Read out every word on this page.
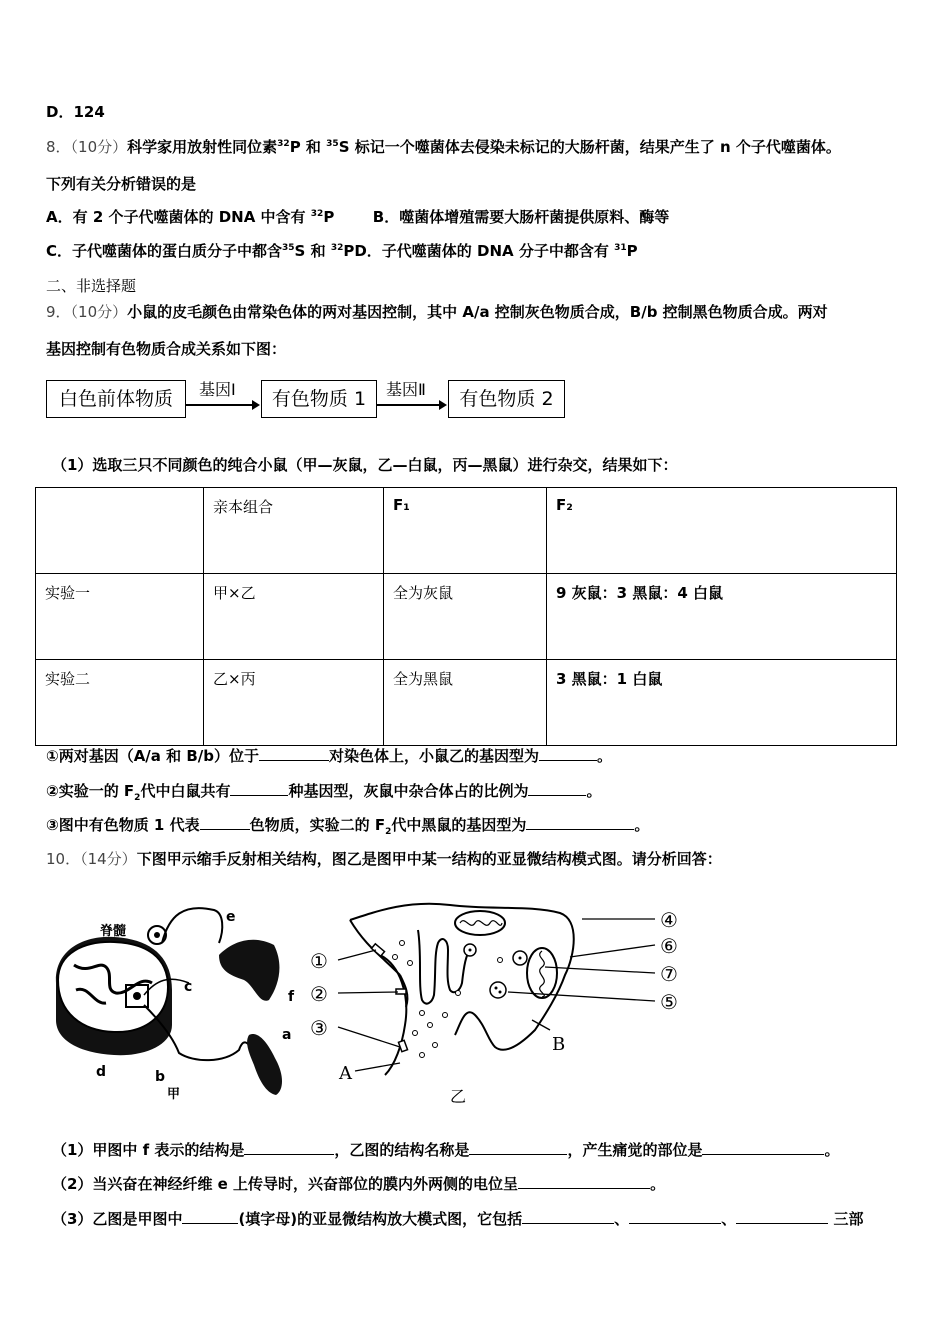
D．124
8．（10分）科学家用放射性同位素$^{32}$P 和 $^{35}$S 标记一个噬菌体去侵染未标记的大肠杆菌，结果产生了 n 个子代噬菌体。
下列有关分析错误的是
A．有 2 个子代噬菌体的 DNA 中含有 $^{32}$P	B．噬菌体增殖需要大肠杆菌提供原料、酶等
C．子代噬菌体的蛋白质分子中都含$^{35}$S 和 $^{32}$PD．子代噬菌体的 DNA 分子中都含有 $^{31}$P
二、非选择题
9．（10分）小鼠的皮毛颜色由常染色体的两对基因控制，其中 A/a 控制灰色物质合成，B/b 控制黑色物质合成。两对
基因控制有色物质合成关系如下图：
白色前体物质	基因Ⅰ	有色物质 1	基因Ⅱ	有色物质 2
（1）选取三只不同颜色的纯合小鼠（甲—灰鼠，乙—白鼠，丙—黑鼠）进行杂交，结果如下：
	亲本组合	F₁	F₂
实验一	甲×乙	全为灰鼠	9 灰鼠：3 黑鼠：4 白鼠
实验二	乙×丙	全为黑鼠	3 黑鼠：1 白鼠
①两对基因（A/a 和 B/b）位于	对染色体上，小鼠乙的基因型为	。
②实验一的 $F_2$代中白鼠共有	种基因型，灰鼠中杂合体占的比例为	。
③图中有色物质 1 代表	色物质，实验二的 $F_2$代中黑鼠的基因型为	。
10．（14分）下图甲示缩手反射相关结构，图乙是图甲中某一结构的亚显微结构模式图。请分析回答：
脊髓
e
c
f
a
d	b
甲
①
②
③
A
B
④
⑥
⑦
⑤
乙
（1）甲图中 f 表示的结构是	，乙图的结构名称是	，产生痛觉的部位是	。
（2）当兴奋在神经纤维 e 上传导时，兴奋部位的膜内外两侧的电位呈	。
（3）乙图是甲图中	(填字母)的亚显微结构放大模式图，它包括	、	、	三部
